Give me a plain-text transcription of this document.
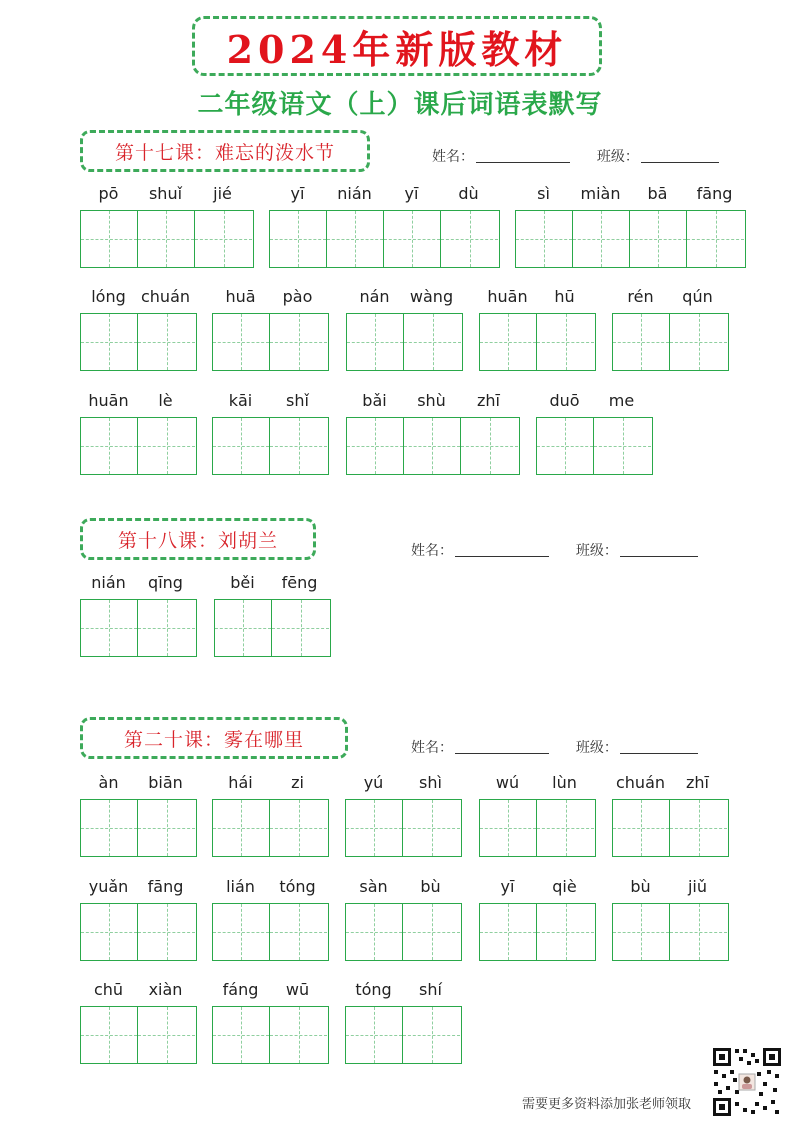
2024年新版教材
二年级语文（上）课后词语表默写
第十七课：难忘的泼水节	姓名：	班级：
pō	shuǐ	jié	yī	nián	yī	dù	sì	miàn	bā	fāng
lóng chuán	huā	pào	nán	wàng	huān	hū	rén	qún
huān	lè	kāi	shǐ	bǎi	shù	zhī	duō	me
第十八课：刘胡兰	姓名：	班级：
nián	qīng	běi	fēng
第二十课：雾在哪里	姓名：	班级：
àn	biān	hái	zi	yú	shì	wú	lùn	chuán	zhī
yuǎn	fāng	lián	tóng	sàn	bù	yī	qiè	bù	jiǔ
chū	xiàn	fáng	wū	tóng	shí
需要更多资料添加张老师领取
